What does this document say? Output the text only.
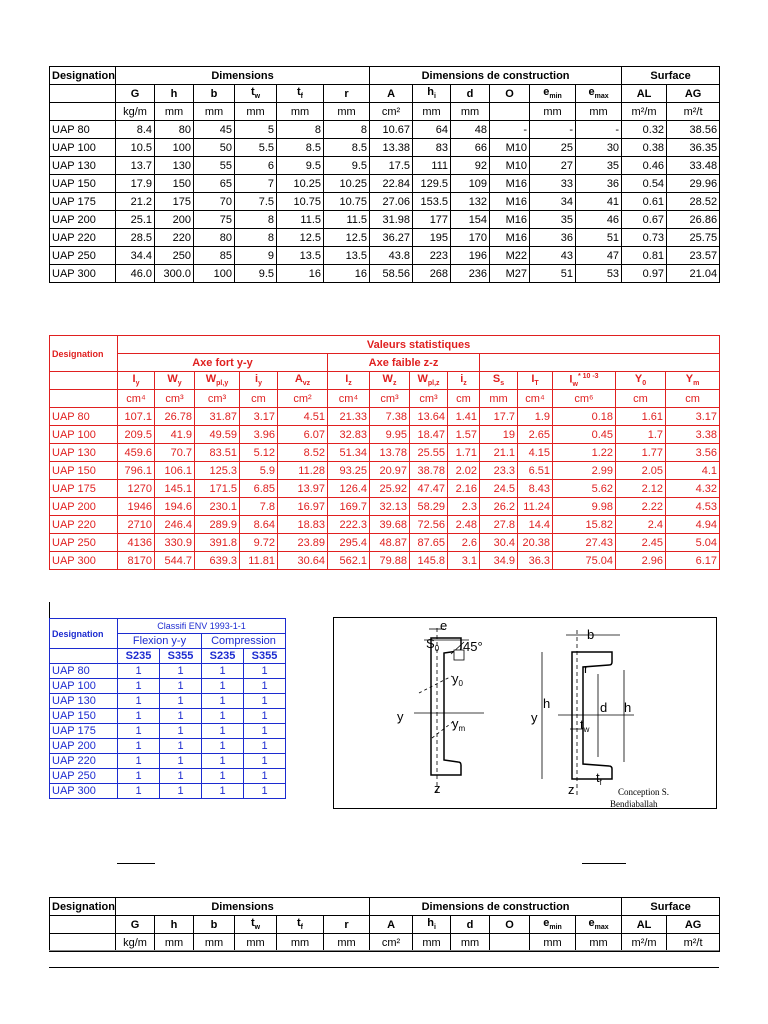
Designation	Dimensions						Dimensions de construction						Surface	
	G	h	b	$t_w$	$t_f$	r	A	$h_i$	d	O	$e_{min}$	$e_{max}$	AL	AG
	kg/m	mm	mm	mm	mm	mm	cm²	mm	mm		mm	mm	m²/m	m²/t
UAP 80	8.4	80	45	5	8	8	10.67	64	48	-	-	-	0.32	38.56
UAP 100	10.5	100	50	5.5	8.5	8.5	13.38	83	66	M10	25	30	0.38	36.35
UAP 130	13.7	130	55	6	9.5	9.5	17.5	111	92	M10	27	35	0.46	33.48
UAP 150	17.9	150	65	7	10.25	10.25	22.84	129.5	109	M16	33	36	0.54	29.96
UAP 175	21.2	175	70	7.5	10.75	10.75	27.06	153.5	132	M16	34	41	0.61	28.52
UAP 200	25.1	200	75	8	11.5	11.5	31.98	177	154	M16	35	46	0.67	26.86
UAP 220	28.5	220	80	8	12.5	12.5	36.27	195	170	M16	36	51	0.73	25.75
UAP 250	34.4	250	85	9	13.5	13.5	43.8	223	196	M22	43	47	0.81	23.57
UAP 300	46.0	300.0	100	9.5	16	16	58.56	268	236	M27	51	53	0.97	21.04
Designation	Valeurs statistiques													
	Axe fort y-y					Axe faible z-z								
	$I_y$	$W_y$	$W_{pl,y}$	$i_y$	$A_{vz}$	$I_z$	$W_z$	$W_{pl,z}$	$i_z$	$S_s$	$I_T$	$I_w^{* 10 -3}$	$Y_0$	$Y_m$
	cm⁴	cm³	cm³	cm	cm²	cm⁴	cm³	cm³	cm	mm	cm⁴	cm⁶	cm	cm
UAP 80	107.1	26.78	31.87	3.17	4.51	21.33	7.38	13.64	1.41	17.7	1.9	0.18	1.61	3.17
UAP 100	209.5	41.9	49.59	3.96	6.07	32.83	9.95	18.47	1.57	19	2.65	0.45	1.7	3.38
UAP 130	459.6	70.7	83.51	5.12	8.52	51.34	13.78	25.55	1.71	21.1	4.15	1.22	1.77	3.56
UAP 150	796.1	106.1	125.3	5.9	11.28	93.25	20.97	38.78	2.02	23.3	6.51	2.99	2.05	4.1
UAP 175	1270	145.1	171.5	6.85	13.97	126.4	25.92	47.47	2.16	24.5	8.43	5.62	2.12	4.32
UAP 200	1946	194.6	230.1	7.8	16.97	169.7	32.13	58.29	2.3	26.2	11.24	9.98	2.22	4.53
UAP 220	2710	246.4	289.9	8.64	18.83	222.3	39.68	72.56	2.48	27.8	14.4	15.82	2.4	4.94
UAP 250	4136	330.9	391.8	9.72	23.89	295.4	48.87	87.65	2.6	30.4	20.38	27.43	2.45	5.04
UAP 300	8170	544.7	639.3	11.81	30.64	562.1	79.88	145.8	3.1	34.9	36.3	75.04	2.96	6.17
Designation	Classifi ENV 1993-1-1			
	Flexion y-y		Compression	
	S235	S355	S235	S355
UAP 80	1	1	1	1
UAP 100	1	1	1	1
UAP 130	1	1	1	1
UAP 150	1	1	1	1
UAP 175	1	1	1	1
UAP 200	1	1	1	1
UAP 220	1	1	1	1
UAP 250	1	1	1	1
UAP 300	1	1	1	1
e
$S_0$ 45°
$y_0$
$y_m$
y
z
b
r
h
y
d h
$t_w$
$t_f$
z	Conception S.
Bendjaballah
Designation	Dimensions						Dimensions de construction						Surface	
	G	h	b	$t_w$	$t_f$	r	A	$h_i$	d	O	$e_{min}$	$e_{max}$	AL	AG
	kg/m	mm	mm	mm	mm	mm	cm²	mm	mm		mm	mm	m²/m	m²/t
